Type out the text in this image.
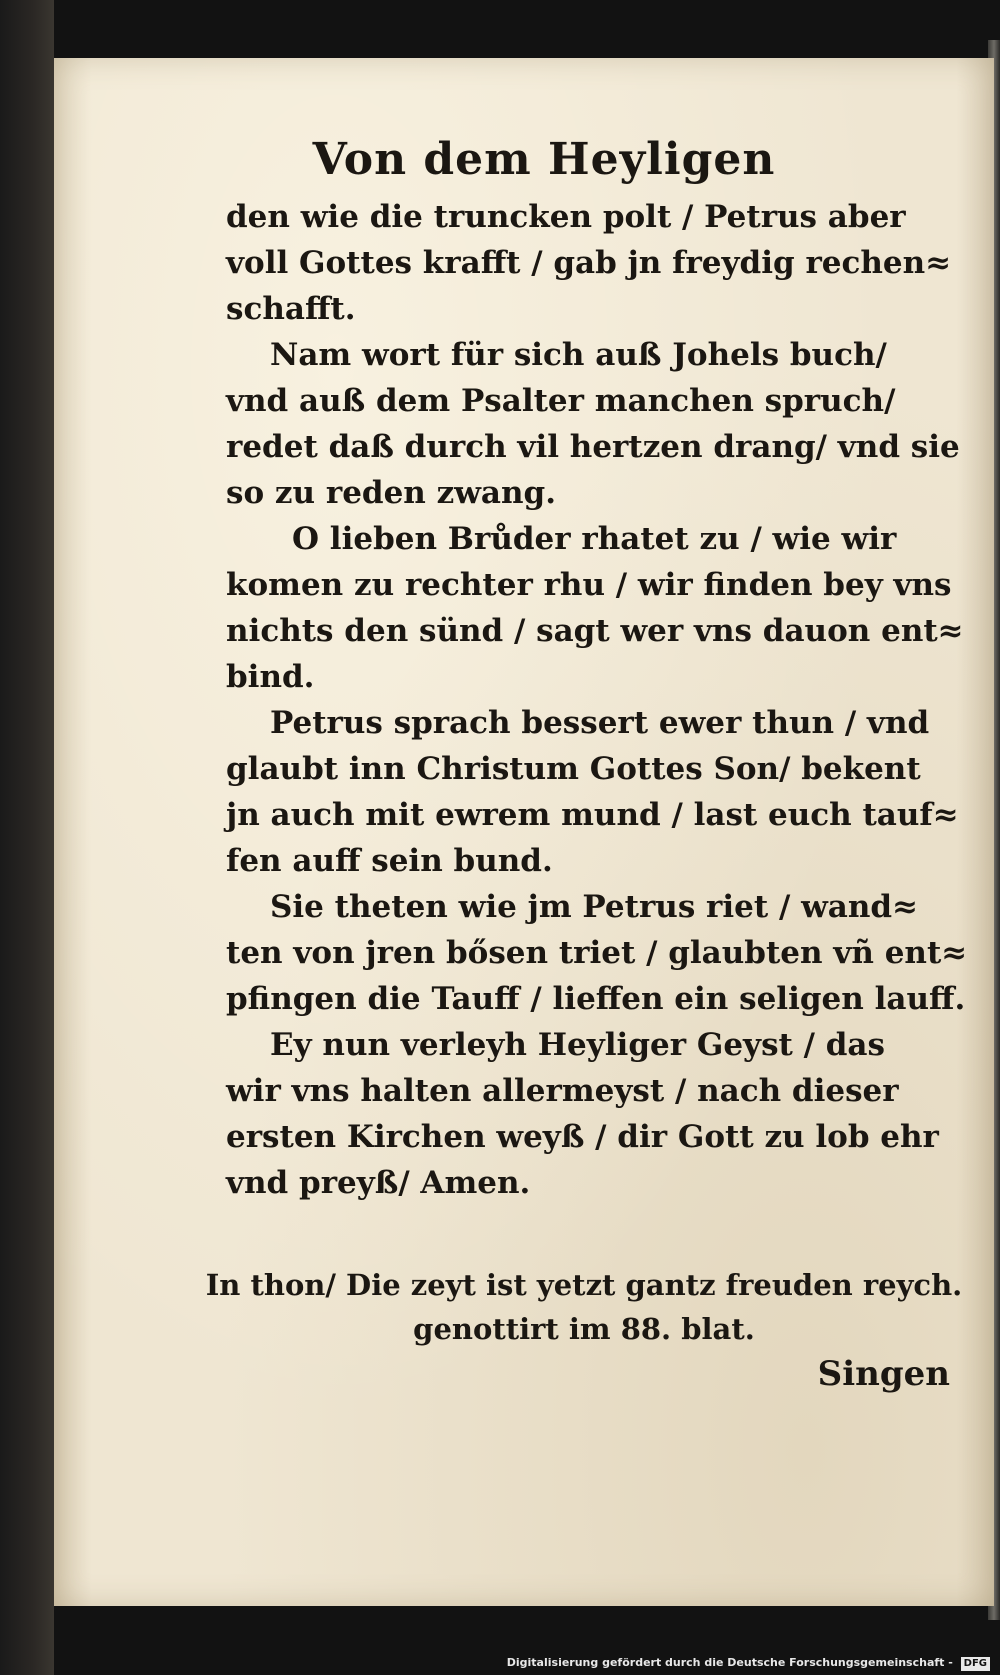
Von dem Heyligen
den wie die truncken polt / Petrus aber
voll Gottes krafft / gab jn freydig rechen≈
schafft.
Nam wort für sich auß Johels buch/
vnd auß dem Psalter manchen spruch/
redet daß durch vil hertzen drang/ vnd sie
so zu reden zwang.
O lieben Brůder rhatet zu / wie wir
komen zu rechter rhu / wir finden bey vns
nichts den sünd / sagt wer vns dauon ent≈
bind.
Petrus sprach bessert ewer thun / vnd
glaubt inn Christum Gottes Son/ bekent
jn auch mit ewrem mund / last euch tauf≈
fen auff sein bund.
Sie theten wie jm Petrus riet / wand≈
ten von jren bősen triet / glaubten vñ ent≈
pfingen die Tauff / lieffen ein seligen lauff.
Ey nun verleyh Heyliger Geyst / das
wir vns halten allermeyst / nach dieser
ersten Kirchen weyß / dir Gott zu lob ehr
vnd preyß/ Amen.
In thon/ Die zeyt ist yetzt gantz freuden reych.
genottirt im 88. blat.
Singen
Digitalisierung gefördert durch die Deutsche Forschungsgemeinschaft - DFG
